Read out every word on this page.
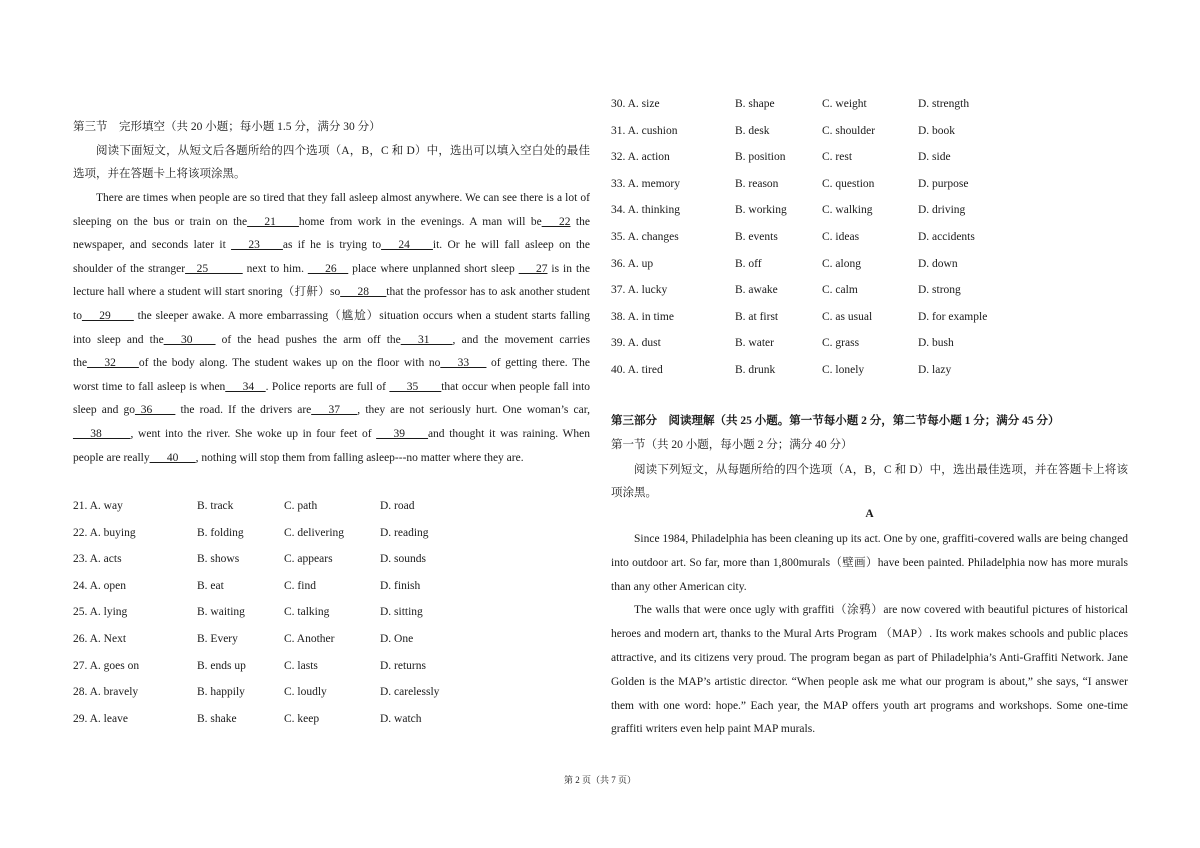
第三节　完形填空（共 20 小题；每小题 1.5 分，满分 30 分）
阅读下面短文，从短文后各题所给的四个选项（A，B，C 和 D）中，选出可以填入空白处的最佳选项，并在答题卡上将该项涂黑。
There are times when people are so tired that they fall asleep almost anywhere. We can see there is a lot of sleeping on the bus or train on the___21____home from work in the evenings. A man will be___22 the newspaper, and seconds later it ___23____as if he is trying to___24____it. Or he will fall asleep on the shoulder of the stranger__25______ next to him. ___26__ place where unplanned short sleep ___27 is in the lecture hall where a student will start snoring（打鼾）so___28___that the professor has to ask another student to___29____ the sleeper awake. A more embarrassing（尴尬）situation occurs when a student starts falling into sleep and the___30____ of the head pushes the arm off the___31____, and the movement carries the___32____of the body along. The student wakes up on the floor with no___33___ of getting there. The worst time to fall asleep is when___34__. Police reports are full of ___35____that occur when people fall into sleep and go_36____ the road. If the drivers are___37___, they are not seriously hurt. One woman’s car, ___38_____, went into the river. She woke up in four feet of ___39____and thought it was raining. When people are really___40___, nothing will stop them from falling asleep---no matter where they are.
21. A. way	B. track	C. path	D. road
22. A. buying	B. folding	C. delivering	D. reading
23. A. acts	B. shows	C. appears	D. sounds
24. A. open	B. eat	C. find	D. finish
25. A. lying	B. waiting	C. talking	D. sitting
26. A. Next	B. Every	C. Another	D. One
27. A. goes on	B. ends up	C. lasts	D. returns
28. A. bravely	B. happily	C. loudly	D. carelessly
29. A. leave	B. shake	C. keep	D. watch
30. A. size	B. shape	C. weight	D. strength
31. A. cushion	B. desk	C. shoulder	D. book
32. A. action	B. position	C. rest	D. side
33. A. memory	B. reason	C. question	D. purpose
34. A. thinking	B. working	C. walking	D. driving
35. A. changes	B. events	C. ideas	D. accidents
36. A. up	B. off	C. along	D. down
37. A. lucky	B. awake	C. calm	D. strong
38. A. in time	B. at first	C. as usual	D. for example
39. A. dust	B. water	C. grass	D. bush
40. A. tired	B. drunk	C. lonely	D. lazy
第三部分　阅读理解（共 25 小题。第一节每小题 2 分，第二节每小题 1 分；满分 45 分）
第一节（共 20 小题，每小题 2 分；满分 40 分）
阅读下列短文，从每题所给的四个选项（A，B，C 和 D）中，选出最佳选项，并在答题卡上将该项涂黑。
A

Since 1984, Philadelphia has been cleaning up its act. One by one, graffiti-covered walls are being changed into outdoor art. So far, more than 1,800murals（壁画）have been painted. Philadelphia now has more murals than any other American city.

The walls that were once ugly with graffiti（涂鸦）are now covered with beautiful pictures of historical heroes and modern art, thanks to the Mural Arts Program （MAP）. Its work makes schools and public places attractive, and its citizens very proud. The program began as part of Philadelphia’s Anti-Graffiti Network. Jane Golden is the MAP’s artistic director. “When people ask me what our program is about,” she says, “I answer them with one word: hope.” Each year, the MAP offers youth art programs and workshops. Some one-time graffiti writers even help paint MAP murals.

第 2 页（共 7 页）
